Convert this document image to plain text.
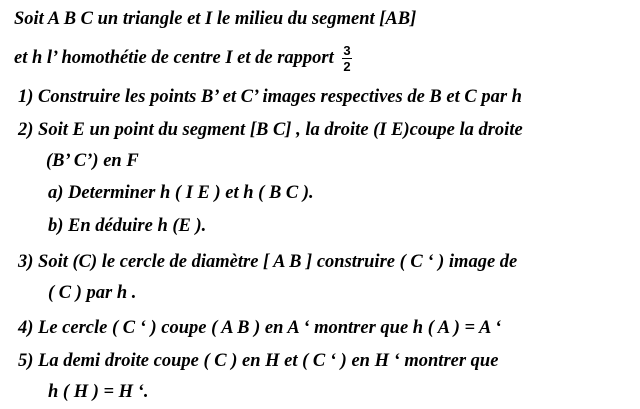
Soit A B C un triangle et I le milieu du segment [AB]
et h l’ homothétie de centre I et de rapport $\frac{3}{2}$
1) Construire les points B’ et C’ images respectives de B et C par h
2) Soit E un point du segment [B C] , la droite (I E)coupe la droite
(B’ C’) en F
a) Determiner h ( I E ) et h ( B C ).
b) En déduire h (E ).
3) Soit (C) le cercle de diamètre [ A B ] construire ( C ‘ ) image de
( C ) par h .
4) Le cercle ( C ‘ ) coupe ( A B ) en A ‘ montrer que h ( A ) = A ‘
5) La demi droite coupe ( C ) en H et ( C ‘ ) en H ‘ montrer que
h ( H ) = H ‘.
